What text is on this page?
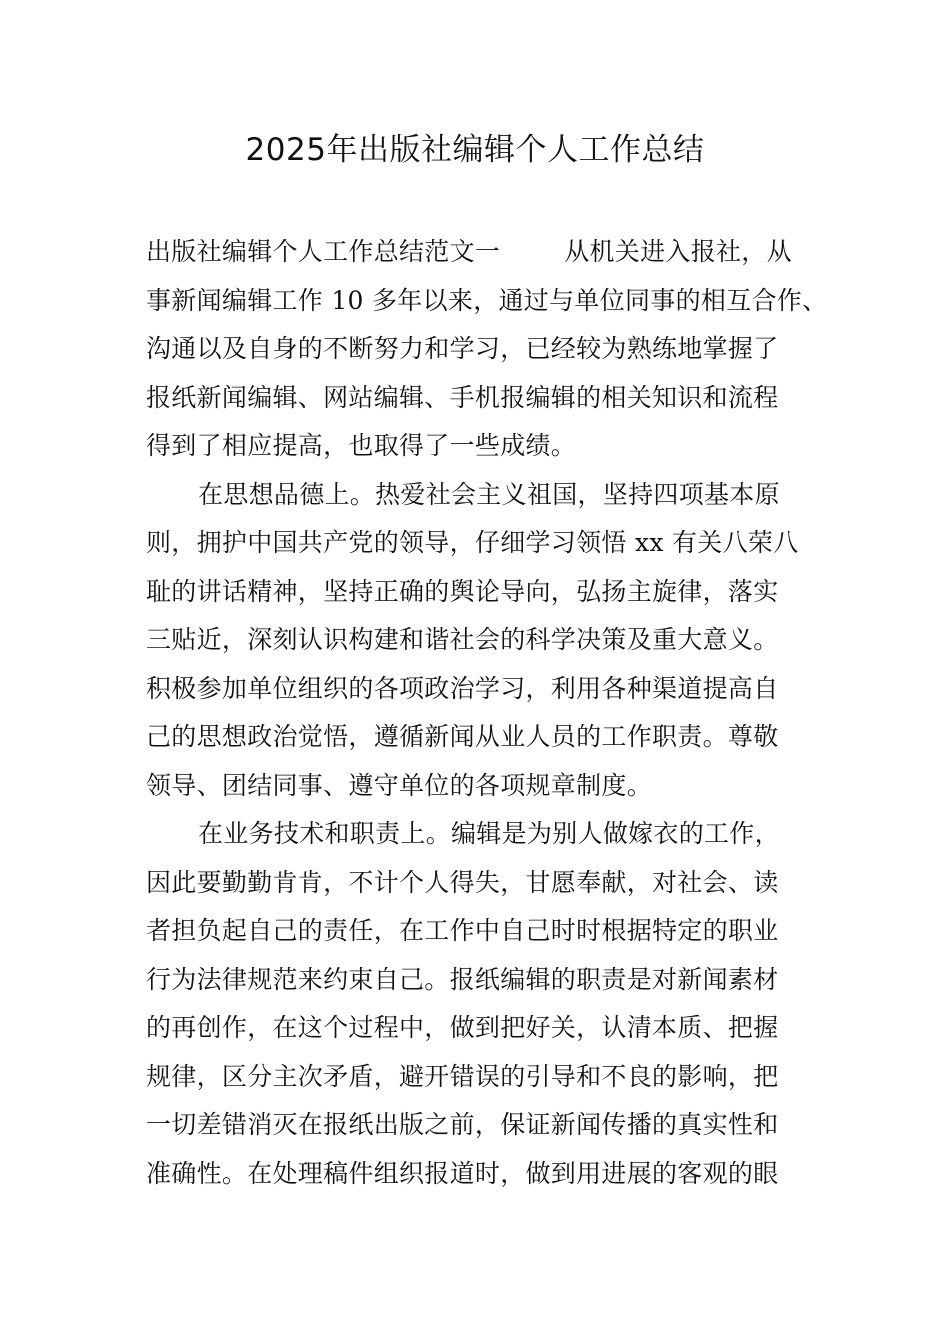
2025年出版社编辑个人工作总结
出版社编辑个人工作总结范文一	从机关进入报社，从
事新闻编辑工作 10 多年以来，通过与单位同事的相互合作、
沟通以及自身的不断努力和学习，已经较为熟练地掌握了
报纸新闻编辑、网站编辑、手机报编辑的相关知识和流程
得到了相应提高，也取得了一些成绩。
在思想品德上。热爱社会主义祖国，坚持四项基本原
则，拥护中国共产党的领导，仔细学习领悟 xx 有关八荣八
耻的讲话精神，坚持正确的舆论导向，弘扬主旋律，落实
三贴近，深刻认识构建和谐社会的科学决策及重大意义。
积极参加单位组织的各项政治学习，利用各种渠道提高自
己的思想政治觉悟，遵循新闻从业人员的工作职责。尊敬
领导、团结同事、遵守单位的各项规章制度。
在业务技术和职责上。编辑是为别人做嫁衣的工作，
因此要勤勤肯肯，不计个人得失，甘愿奉献，对社会、读
者担负起自己的责任，在工作中自己时时根据特定的职业
行为法律规范来约束自己。报纸编辑的职责是对新闻素材
的再创作，在这个过程中，做到把好关，认清本质、把握
规律，区分主次矛盾，避开错误的引导和不良的影响，把
一切差错消灭在报纸出版之前，保证新闻传播的真实性和
准确性。在处理稿件组织报道时，做到用进展的客观的眼
